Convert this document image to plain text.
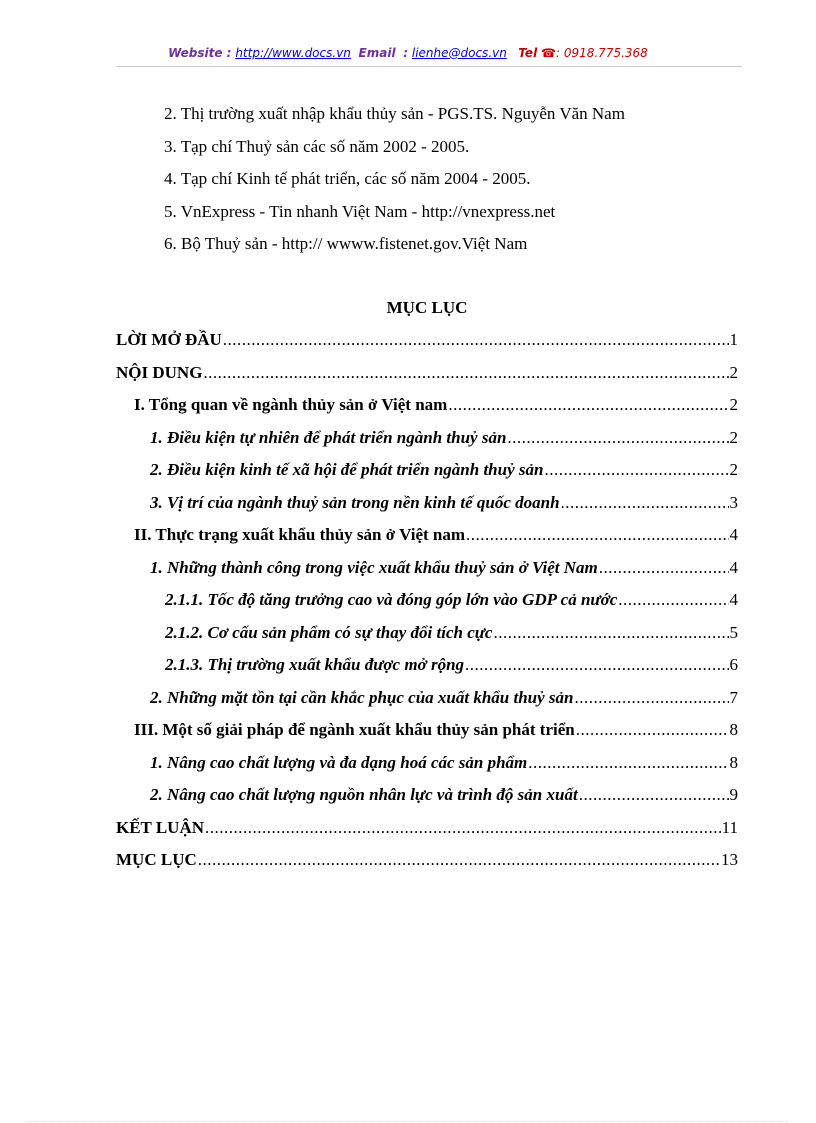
Website : http://www.docs.vn Email : lienhe@docs.vn Tel ☎: 0918.775.368
2. Thị trường xuất nhập khẩu thủy sản - PGS.TS. Nguyễn Văn Nam
3. Tạp chí Thuỷ sản các số năm 2002 - 2005.
4. Tạp chí Kinh tế phát triển, các số năm 2004 - 2005.
5. VnExpress - Tin nhanh Việt Nam - http://vnexpress.net
6. Bộ Thuỷ sản - http:// wwww.fistenet.gov.Việt Nam
MỤC LỤC
LỜI MỞ ĐẦU .....	1
NỘI DUNG .....	2
I. Tổng quan về ngành thủy sản ở Việt nam .....	2
1. Điều kiện tự nhiên để phát triển ngành thuỷ sản .....	2
2. Điều kiện kinh tế xã hội để phát triển ngành thuỷ sản .....	2
3. Vị trí của ngành thuỷ sản trong nền kinh tế quốc doanh .....	3
II. Thực trạng xuất khẩu thủy sản ở Việt nam .....	4
1. Những thành công trong việc xuất khẩu thuỷ sản ở Việt Nam .....	4
2.1.1. Tốc độ tăng trưởng cao và đóng góp lớn vào GDP cả nước .....	4
2.1.2. Cơ cấu sản phẩm có sự thay đổi tích cực .....	5
2.1.3. Thị trường xuất khẩu được mở rộng .....	6
2. Những mặt tồn tại cần khắc phục của xuất khẩu thuỷ sản .....	7
III. Một số giải pháp để ngành xuất khẩu thủy sản phát triển .....	8
1. Nâng cao chất lượng và đa dạng hoá các sản phẩm .....	8
2. Nâng cao chất lượng nguồn nhân lực và trình độ sản xuất .....	9
KẾT LUẬN .....	11
MỤC LỤC .....	13
